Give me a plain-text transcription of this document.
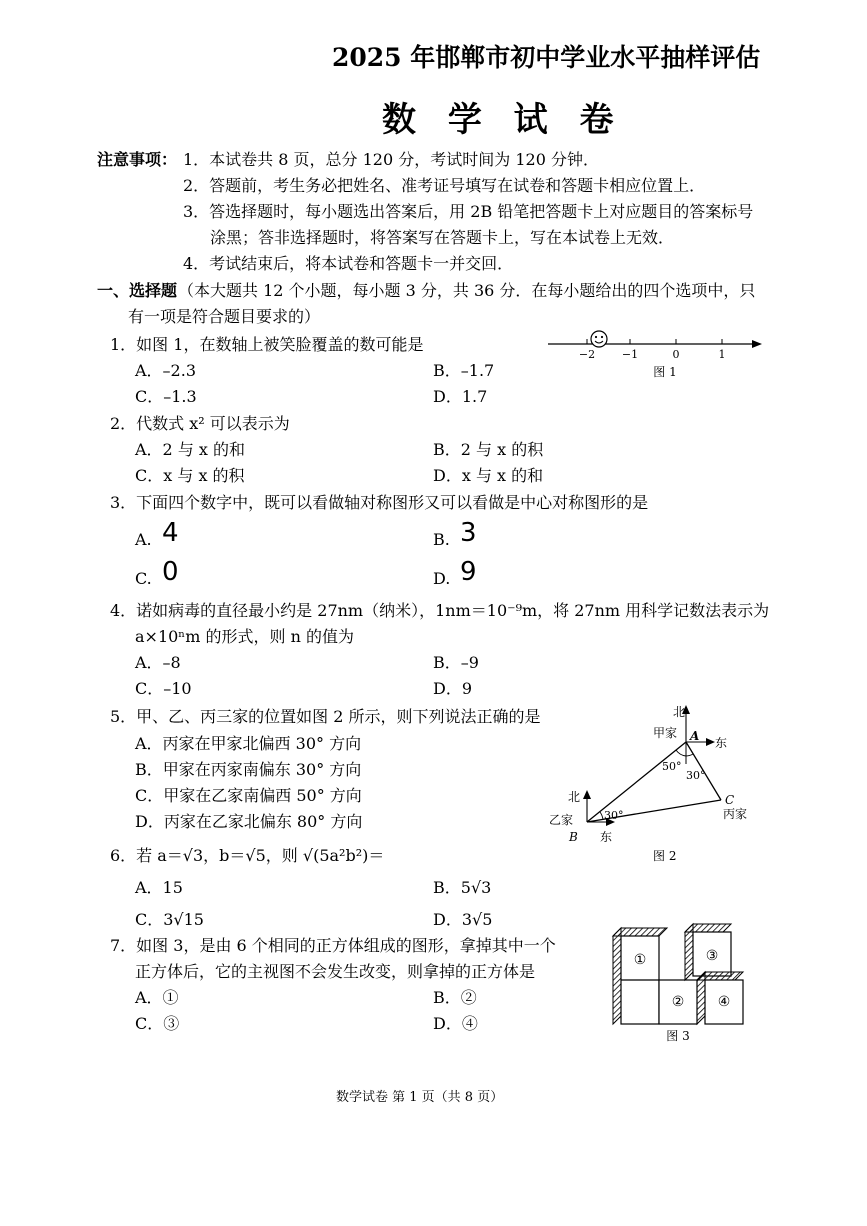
2025 年邯郸市初中学业水平抽样评估
数 学 试 卷
注意事项： 1．本试卷共 8 页，总分 120 分，考试时间为 120 分钟．
2．答题前，考生务必把姓名、准考证号填写在试卷和答题卡相应位置上．
3．答选择题时，每小题选出答案后，用 2B 铅笔把答题卡上对应题目的答案标号
涂黑；答非选择题时，将答案写在答题卡上，写在本试卷上无效．
4．考试结束后，将本试卷和答题卡一并交回．
一、选择题 （本大题共 12 个小题，每小题 3 分，共 36 分．在每小题给出的四个选项中，只
有一项是符合题目要求的）
1．如图 1，在数轴上被笑脸覆盖的数可能是
A．–2.3	B．–1.7
C．–1.3	D．1.7
−2 −1	0	1
图 1
2．代数式 x² 可以表示为
A．2 与 x 的和	B．2 与 x 的积
C．x 与 x 的积	D．x 与 x 的和
3．下面四个数字中，既可以看做轴对称图形又可以看做是中心对称图形的是
A. 4	B. 3
C. 0	D. 9
4．诺如病毒的直径最小约是 27nm（纳米），1nm＝10⁻⁹m，将 27nm 用科学记数法表示为
a×10ⁿm 的形式，则 n 的值为
A．–8	B．–9
C．–10	D．9
5．甲、乙、丙三家的位置如图 2 所示，则下列说法正确的是
A．丙家在甲家北偏西 30° 方向
B．甲家在丙家南偏东 30° 方向
C．甲家在乙家南偏西 50° 方向
D．丙家在乙家北偏东 80° 方向
北
甲家 A 东
50°
30°
C
丙家
北
乙家	30°
B 东
图 2
6．若 a＝√3，b＝√5，则 √(5a²b²)＝
A．15	B．5√3
C．3√15	D．3√5
7．如图 3，是由 6 个相同的正方体组成的图形，拿掉其中一个
正方体后，它的主视图不会发生改变，则拿掉的正方体是
A．①	B．②
C．③	D．④
①
②
③
④
图 3
数学试卷 第 1 页（共 8 页）
